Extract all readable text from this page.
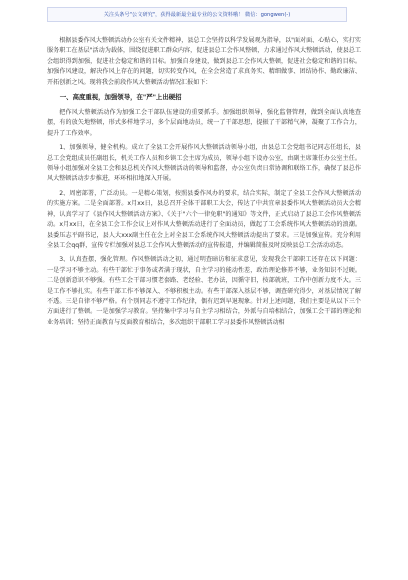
关注头条号"公文研究"，获得最新最全最专业的公文资料哦！ 微信：gongwen(-)

根据县委作风大整顿活动办公室有关文件精神，县总工会坚持以科学发展观为指导，以"面对面、心贴心，实打实服务职工在基层"活动为载体，围绕促进职工群众内容，促进县总工会作风整顿，力求通过作风大整顿活动，使县总工会组织得到加强，促进社会稳定和谐的目标。加强自身建设，做到县总工会作风大整顿，促进社会稳定和谐的目标。加强作风建设，解决作风上存在的问题，切实转变作风，在全会营造了求真务实、精细做事、团结协作、勤政廉洁、开拓创新之风。现将我会前段作风大整顿活动情况汇报如下：

一、高度重视，加强领导，在"严"上出硬招

把作风大整顿活动作为加强工会干部队伍建设的重要抓手。加强组织领导，强化监督管理，做到全面认真地查摆，有的放矢地整顿，形式多样地学习，多个层面地动员，统一了干部思想，提振了干部精气神，凝聚了工作合力，提升了工作效率。

1、加强领导，健全机构。成立了全县工会开展作风大整顿活动领导小组，由县总工会党组书记同志任组长，县总工会党组成员任副组长，机关工作人员和乡镇工会主席为成员，领导小组下设办公室，由副主席兼任办公室主任。领导小组加强对全县工会和县总机关作风大整顿活动的领导和监督，办公室负责日常协调和联络工作，确保了县总作风大整顿活动步步推进，环环相扣地深入开展。

2、周密部署，广泛动员。一是精心策划，按照县委作风办的要求，结合实际，制定了全县工会作风大整顿活动的实施方案。二是全面部署。x月xx日，县总召开全体干部职工大会，传达了中共宜章县委作风大整顿活动员大会精神，认真学习了《县作风大整顿活动方案》、《关于"六个一律免职"的通知》等文件，正式启动了县总工会作风整顿活动。x月xx日，在全县工会工作会议上对作风大整顿活动进行了全面动员，做起了工会系统作风大整顿活动的浪潮。县委压志平副书记，县人大xxx副主任在会上对全县工会系统作风大整顿活动提出了要求。三是加强宣传。充分利用全县工会qq群，宣传专栏加强对县总工会作风大整顿活动的宣传报道，并编辑简报及时反映县总工会活动动态。

3、认真查摆，强化管理。作风整顿活动之初，通过明查暗访和征求意见，发现我会干部职工还存在以下问题：一是学习不够主动。有些干部忙于事务或者满于现状，自主学习的能动性差，政治理论修养不够，业务知识不过硬。二是创新意识不够强。有些工会干部习惯老套路、老经验、老办法，因循守旧，按部就班，工作中创新力度不大。三是工作不够扎实。有些干部工作不够深入、不够积极主动。有些干部深入基层不够，调查研究得少，对基层情况了解不透。三是自律不够严格。有个别同志不遵守工作纪律，偶有迟到早退现象。针对上述问题，我们主要是从以下三个方面进行了整顿。一是加强学习教育。坚持集中学习与自主学习相结合，外派与自培相结合，加强工会干部的理论和业务培训；坚持正面教育与反面教育相结合，多次组织干部职工学习县委作风整顿活动相
